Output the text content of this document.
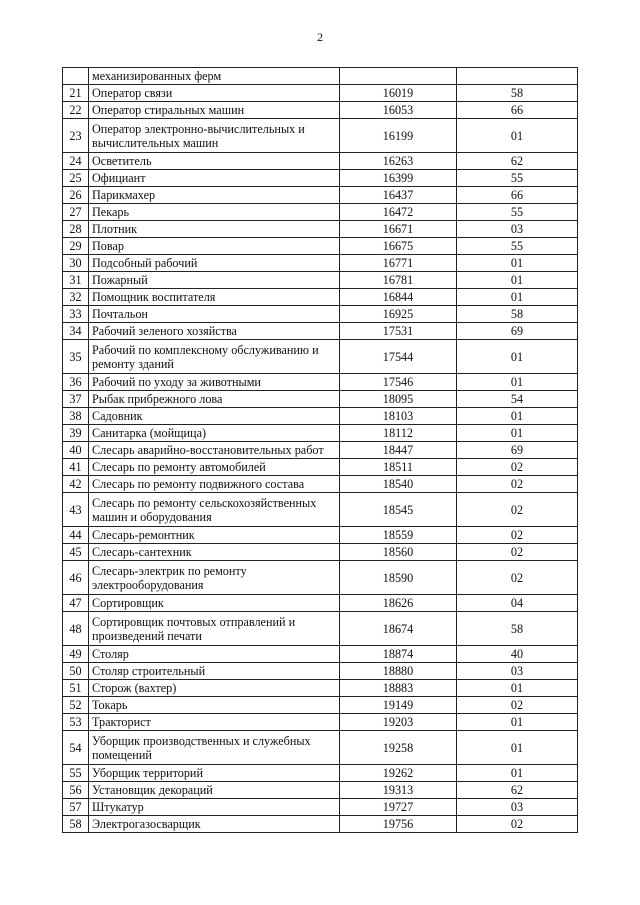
2
	механизированных ферм		
21	Оператор связи	16019	58
22	Оператор стиральных машин	16053	66
23	Оператор электронно-вычислительных и вычислительных машин	16199	01
24	Осветитель	16263	62
25	Официант	16399	55
26	Парикмахер	16437	66
27	Пекарь	16472	55
28	Плотник	16671	03
29	Повар	16675	55
30	Подсобный рабочий	16771	01
31	Пожарный	16781	01
32	Помощник воспитателя	16844	01
33	Почтальон	16925	58
34	Рабочий зеленого хозяйства	17531	69
35	Рабочий по комплексному обслуживанию и ремонту зданий	17544	01
36	Рабочий по уходу за животными	17546	01
37	Рыбак прибрежного лова	18095	54
38	Садовник	18103	01
39	Санитарка (мойщица)	18112	01
40	Слесарь аварийно-восстановительных работ	18447	69
41	Слесарь по ремонту автомобилей	18511	02
42	Слесарь по ремонту подвижного состава	18540	02
43	Слесарь по ремонту сельскохозяйственных машин и оборудования	18545	02
44	Слесарь-ремонтник	18559	02
45	Слесарь-сантехник	18560	02
46	Слесарь-электрик по ремонту электрооборудования	18590	02
47	Сортировщик	18626	04
48	Сортировщик почтовых отправлений и произведений печати	18674	58
49	Столяр	18874	40
50	Столяр строительный	18880	03
51	Сторож (вахтер)	18883	01
52	Токарь	19149	02
53	Тракторист	19203	01
54	Уборщик производственных и служебных помещений	19258	01
55	Уборщик территорий	19262	01
56	Установщик декораций	19313	62
57	Штукатур	19727	03
58	Электрогазосварщик	19756	02
